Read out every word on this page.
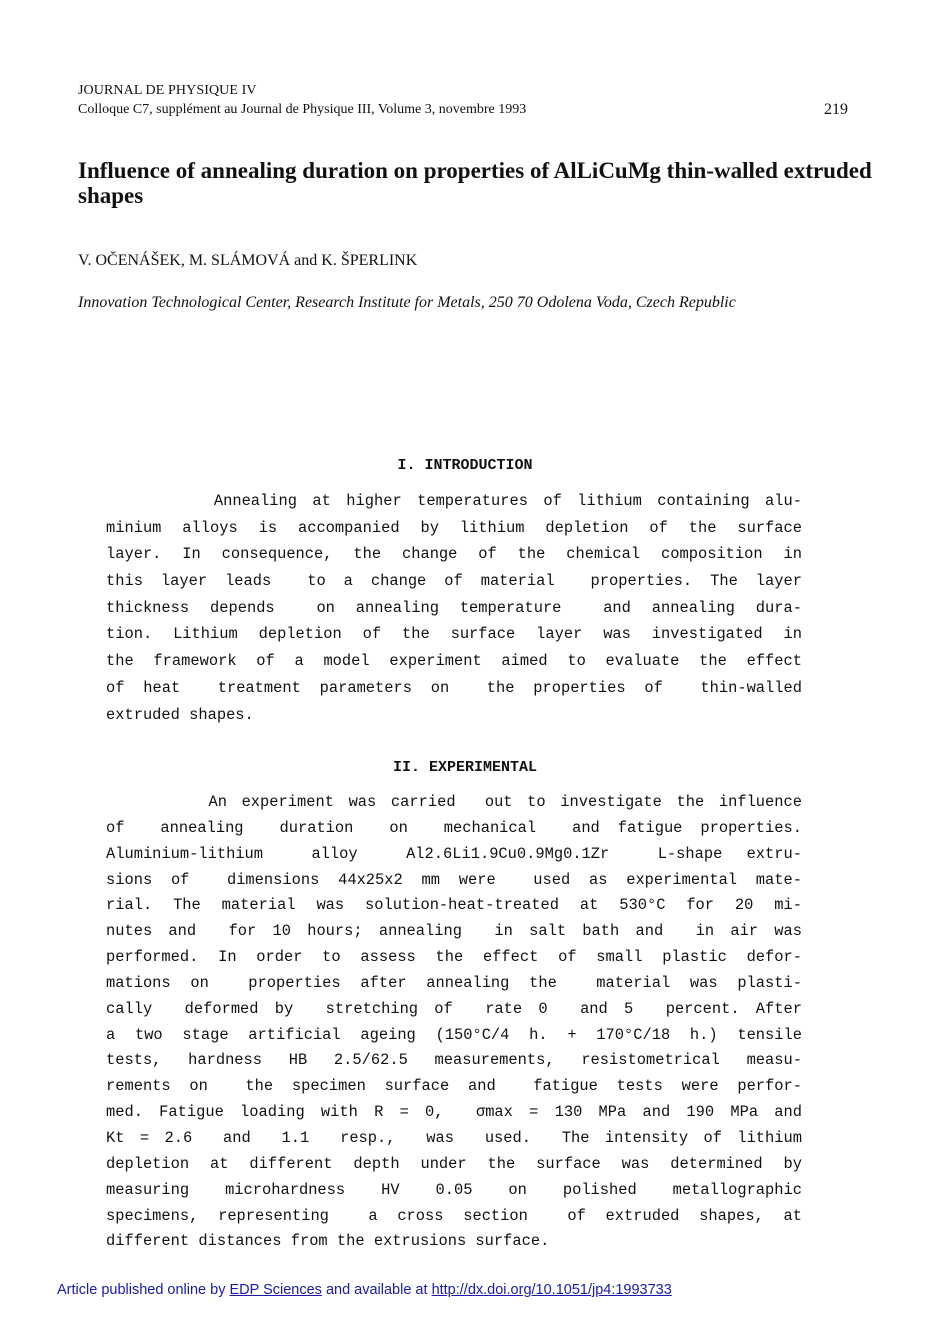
JOURNAL DE PHYSIQUE IV
Colloque C7, supplément au Journal de Physique III, Volume 3, novembre 1993	219
Influence of annealing duration on properties of AlLiCuMg thin-walled extruded shapes
V. OČENÁŠEK, M. SLÁMOVÁ and K. ŠPERLINK
Innovation Technological Center, Research Institute for Metals, 250 70 Odolena Voda, Czech Republic
I. INTRODUCTION

Annealing at higher temperatures of lithium containing alu-
minium alloys is accompanied by lithium depletion of the surface
layer. In consequence, the change of the chemical composition in
this layer leads  to a change of material  properties. The layer
thickness depends  on annealing temperature  and annealing dura-
tion. Lithium depletion of the surface layer was investigated in
the framework of a model experiment aimed to evaluate the effect
of heat  treatment parameters on  the properties of  thin-walled
extruded shapes.

II. EXPERIMENTAL

An experiment was carried  out to investigate the influence
of  annealing  duration  on  mechanical  and fatigue properties.
Aluminium-lithium  alloy  Al2.6Li1.9Cu0.9Mg0.1Zr  L-shape extru-
sions of  dimensions 44x25x2 mm were  used as experimental mate-
rial. The material was solution-heat-treated at 530°C for 20 mi-
nutes and  for 10 hours; annealing  in salt bath and  in air was
performed. In order to assess the effect of small plastic defor-
mations on  properties after annealing the  material was plasti-
cally  deformed by  stretching of  rate 0  and 5  percent. After
a two stage artificial ageing (150°C/4 h. + 170°C/18 h.) tensile
tests, hardness HB 2.5/62.5 measurements, resistometrical measu-
rements on  the specimen surface and  fatigue tests were perfor-
med. Fatigue loading with R = 0,  σmax = 130 MPa and 190 MPa and
Kt = 2.6  and  1.1  resp.,  was  used.  The intensity of lithium
depletion at different depth under the surface was determined by
measuring  microhardness  HV  0.05  on  polished  metallographic
specimens, representing  a cross section  of extruded shapes, at
different distances from the extrusions surface.

Article published online by EDP Sciences and available at http://dx.doi.org/10.1051/jp4:1993733
